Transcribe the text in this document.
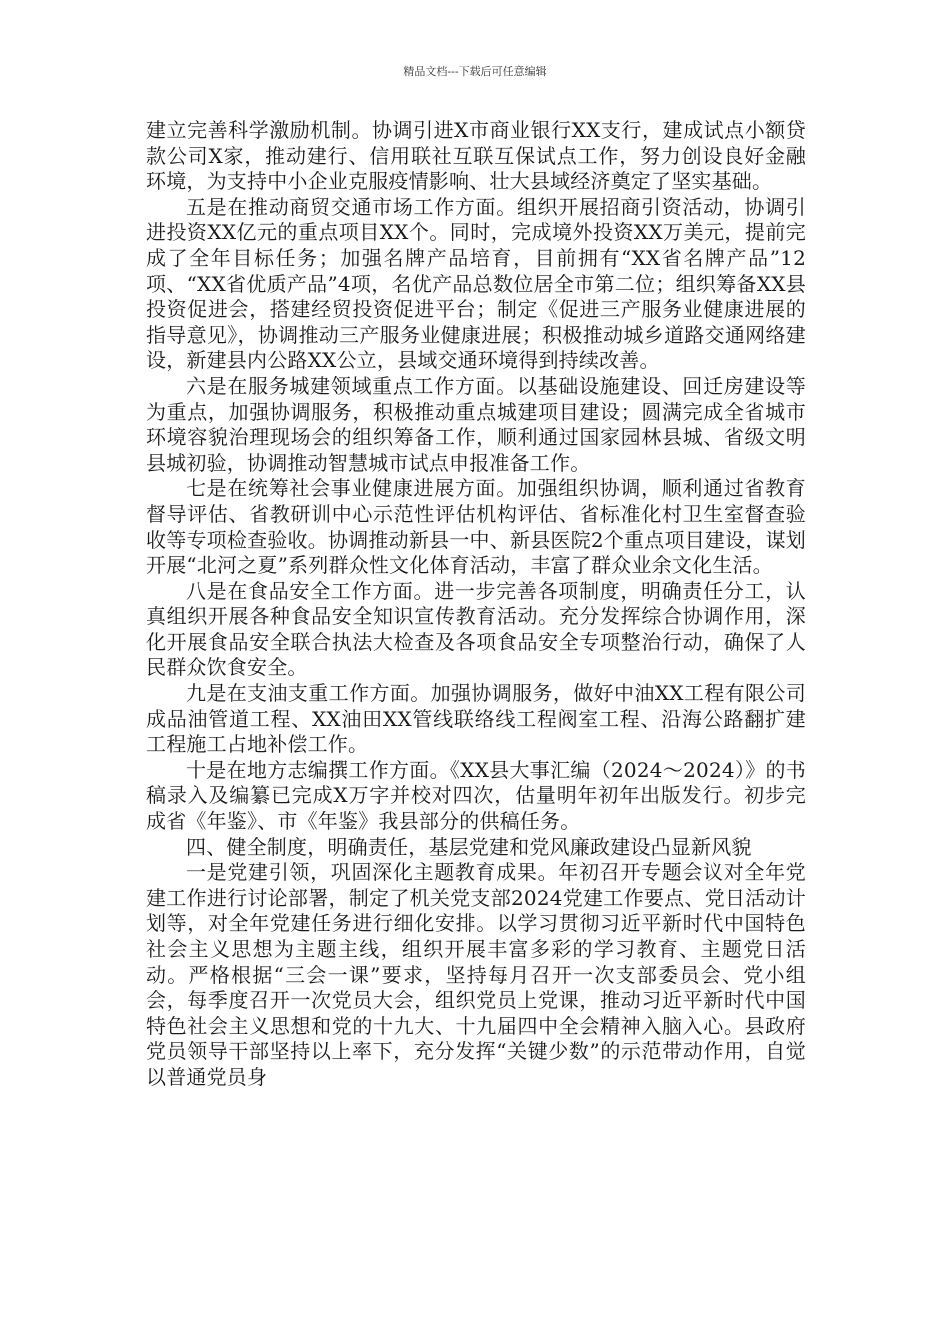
精品文档---下载后可任意编辑

建立完善科学激励机制。协调引进X市商业银行XX支行，建成试点小额贷款公司X家，推动建行、信用联社互联互保试点工作，努力创设良好金融环境，为支持中小企业克服疫情影响、壮大县域经济奠定了坚实基础。

五是在推动商贸交通市场工作方面。组织开展招商引资活动，协调引进投资XX亿元的重点项目XX个。同时，完成境外投资XX万美元，提前完成了全年目标任务；加强名牌产品培育，目前拥有“XX省名牌产品”12项、“XX省优质产品”4项，名优产品总数位居全市第二位；组织筹备XX县投资促进会，搭建经贸投资促进平台；制定《促进三产服务业健康进展的指导意见》，协调推动三产服务业健康进展；积极推动城乡道路交通网络建设，新建县内公路XX公立，县域交通环境得到持续改善。

六是在服务城建领域重点工作方面。以基础设施建设、回迁房建设等为重点，加强协调服务，积极推动重点城建项目建设；圆满完成全省城市环境容貌治理现场会的组织筹备工作，顺利通过国家园林县城、省级文明县城初验，协调推动智慧城市试点申报准备工作。

七是在统筹社会事业健康进展方面。加强组织协调，顺利通过省教育督导评估、省教研训中心示范性评估机构评估、省标准化村卫生室督查验收等专项检查验收。协调推动新县一中、新县医院2个重点项目建设，谋划开展“北河之夏”系列群众性文化体育活动，丰富了群众业余文化生活。

八是在食品安全工作方面。进一步完善各项制度，明确责任分工，认真组织开展各种食品安全知识宣传教育活动。充分发挥综合协调作用，深化开展食品安全联合执法大检查及各项食品安全专项整治行动，确保了人民群众饮食安全。

九是在支油支重工作方面。加强协调服务，做好中油XX工程有限公司成品油管道工程、XX油田XX管线联络线工程阀室工程、沿海公路翻扩建工程施工占地补偿工作。

十是在地方志编撰工作方面。《XX县大事汇编（2024～2024）》的书稿录入及编纂已完成X万字并校对四次，估量明年初年出版发行。初步完成省《年鉴》、市《年鉴》我县部分的供稿任务。

四、健全制度，明确责任，基层党建和党风廉政建设凸显新风貌

一是党建引领，巩固深化主题教育成果。年初召开专题会议对全年党建工作进行讨论部署，制定了机关党支部2024党建工作要点、党日活动计划等，对全年党建任务进行细化安排。以学习贯彻习近平新时代中国特色社会主义思想为主题主线，组织开展丰富多彩的学习教育、主题党日活动。严格根据“三会一课”要求，坚持每月召开一次支部委员会、党小组会，每季度召开一次党员大会，组织党员上党课，推动习近平新时代中国特色社会主义思想和党的十九大、十九届四中全会精神入脑入心。县政府党员领导干部坚持以上率下，充分发挥“关键少数”的示范带动作用，自觉以普通党员身
